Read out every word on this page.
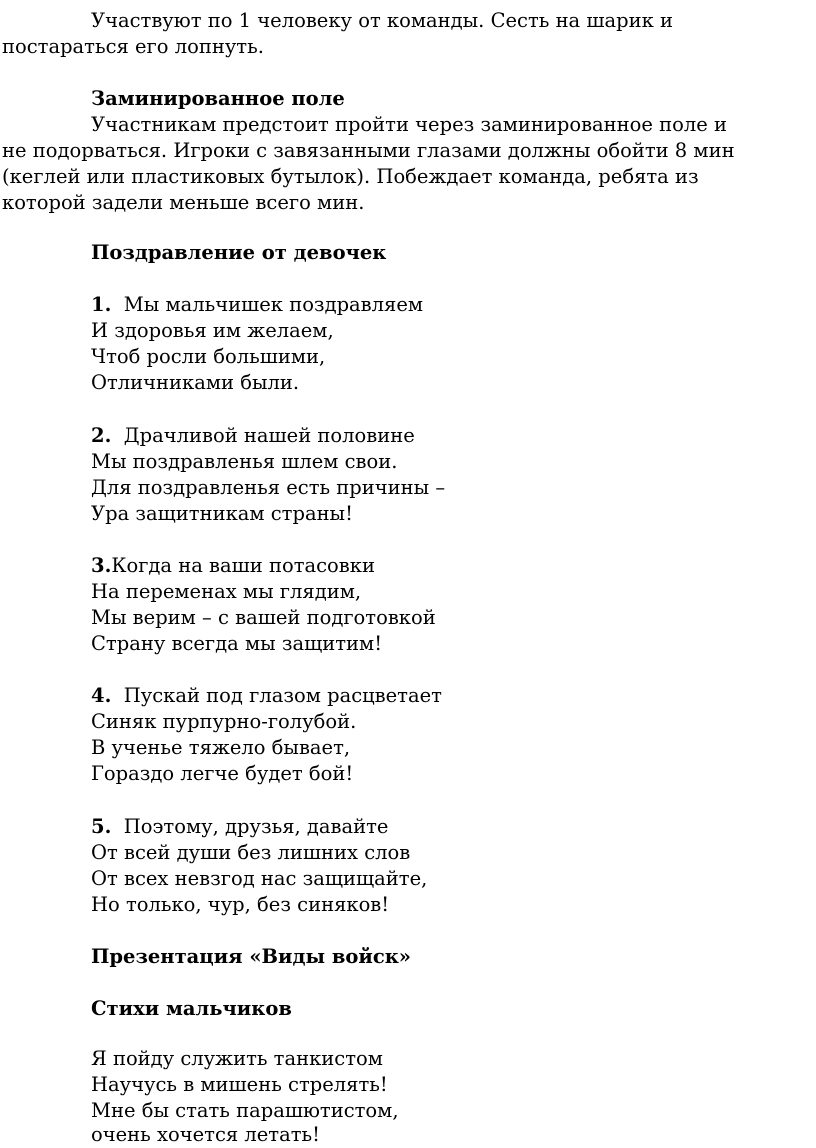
Участвуют по 1 человеку от команды. Сесть на шарик и
постараться его лопнуть.
Заминированное поле
Участникам предстоит пройти через заминированное поле и
не подорваться. Игроки с завязанными глазами должны обойти 8 мин
(кеглей или пластиковых бутылок). Побеждает команда, ребята из
которой задели меньше всего мин.
Поздравление от девочек
1. Мы мальчишек поздравляем
И здоровья им желаем,
Чтоб росли большими,
Отличниками были.
2. Драчливой нашей половине
Мы поздравленья шлем свои.
Для поздравленья есть причины –
Ура защитникам страны!
3.Когда на ваши потасовки
На переменах мы глядим,
Мы верим – с вашей подготовкой
Страну всегда мы защитим!
4. Пускай под глазом расцветает
Синяк пурпурно-голубой.
В ученье тяжело бывает,
Гораздо легче будет бой!
5. Поэтому, друзья, давайте
От всей души без лишних слов
От всех невзгод нас защищайте,
Но только, чур, без синяков!
Презентация «Виды войск»
Стихи мальчиков
Я пойду служить танкистом
Научусь в мишень стрелять!
Мне бы стать парашютистом,
очень хочется летать!
